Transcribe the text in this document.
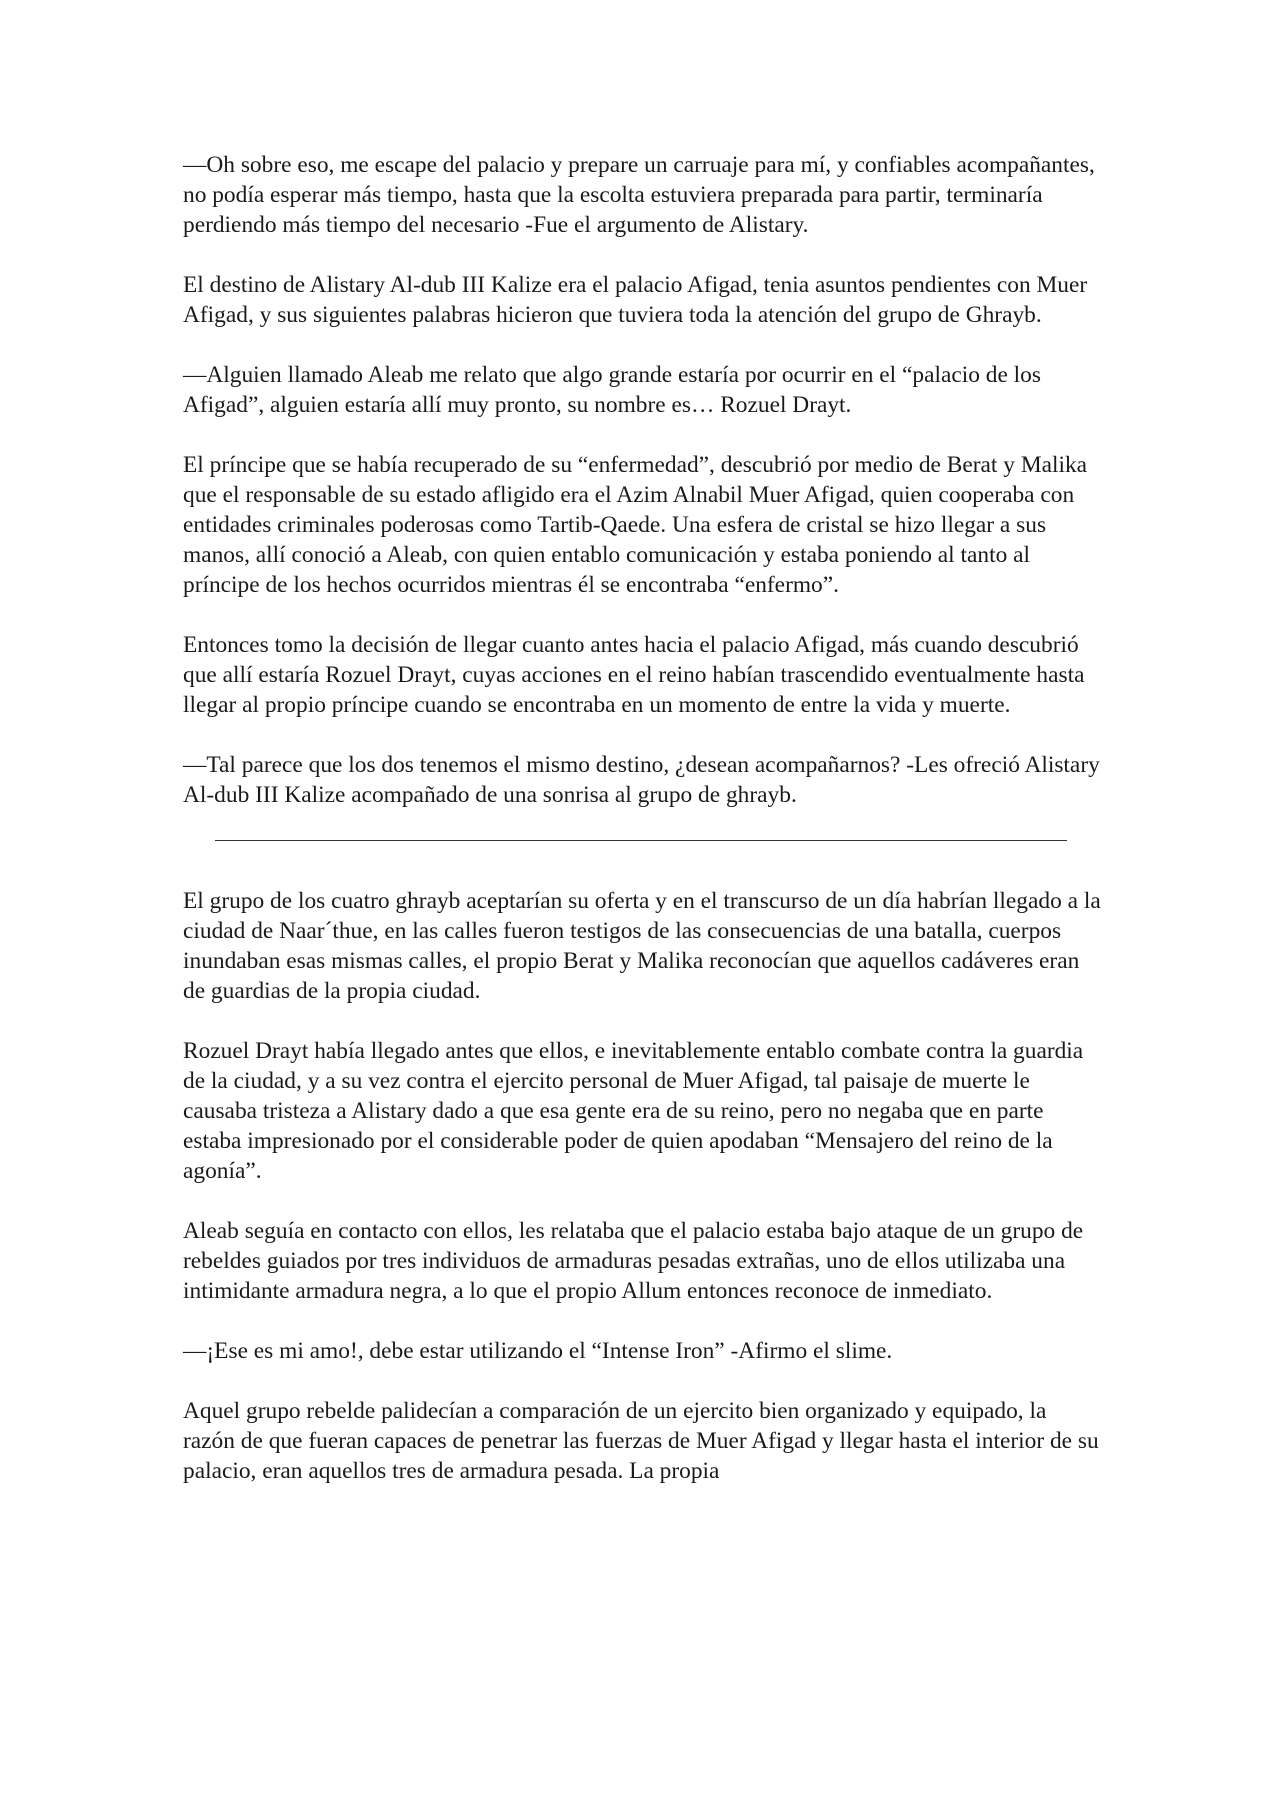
—Oh sobre eso, me escape del palacio y prepare un carruaje para mí, y confiables acompañantes, no podía esperar más tiempo, hasta que la escolta estuviera preparada para partir, terminaría perdiendo más tiempo del necesario -Fue el argumento de Alistary.

El destino de Alistary Al-dub III Kalize era el palacio Afigad, tenia asuntos pendientes con Muer Afigad, y sus siguientes palabras hicieron que tuviera toda la atención del grupo de Ghrayb.

—Alguien llamado Aleab me relato que algo grande estaría por ocurrir en el “palacio de los Afigad”, alguien estaría allí muy pronto, su nombre es… Rozuel Drayt.

El príncipe que se había recuperado de su “enfermedad”, descubrió por medio de Berat y Malika que el responsable de su estado afligido era el Azim Alnabil Muer Afigad, quien cooperaba con entidades criminales poderosas como Tartib-Qaede. Una esfera de cristal se hizo llegar a sus manos, allí conoció a Aleab, con quien entablo comunicación y estaba poniendo al tanto al príncipe de los hechos ocurridos mientras él se encontraba “enfermo”.

Entonces tomo la decisión de llegar cuanto antes hacia el palacio Afigad, más cuando descubrió que allí estaría Rozuel Drayt, cuyas acciones en el reino habían trascendido eventualmente hasta llegar al propio príncipe cuando se encontraba en un momento de entre la vida y muerte.

—Tal parece que los dos tenemos el mismo destino, ¿desean acompañarnos? -Les ofreció Alistary Al-dub III Kalize acompañado de una sonrisa al grupo de ghrayb.

El grupo de los cuatro ghrayb aceptarían su oferta y en el transcurso de un día habrían llegado a la ciudad de Naar´thue, en las calles fueron testigos de las consecuencias de una batalla, cuerpos inundaban esas mismas calles, el propio Berat y Malika reconocían que aquellos cadáveres eran de guardias de la propia ciudad.

Rozuel Drayt había llegado antes que ellos, e inevitablemente entablo combate contra la guardia de la ciudad, y a su vez contra el ejercito personal de Muer Afigad, tal paisaje de muerte le causaba tristeza a Alistary dado a que esa gente era de su reino, pero no negaba que en parte estaba impresionado por el considerable poder de quien apodaban “Mensajero del reino de la agonía”.

Aleab seguía en contacto con ellos, les relataba que el palacio estaba bajo ataque de un grupo de rebeldes guiados por tres individuos de armaduras pesadas extrañas, uno de ellos utilizaba una intimidante armadura negra, a lo que el propio Allum entonces reconoce de inmediato.

—¡Ese es mi amo!, debe estar utilizando el “Intense Iron” -Afirmo el slime.

Aquel grupo rebelde palidecían a comparación de un ejercito bien organizado y equipado, la razón de que fueran capaces de penetrar las fuerzas de Muer Afigad y llegar hasta el interior de su palacio, eran aquellos tres de armadura pesada. La propia
